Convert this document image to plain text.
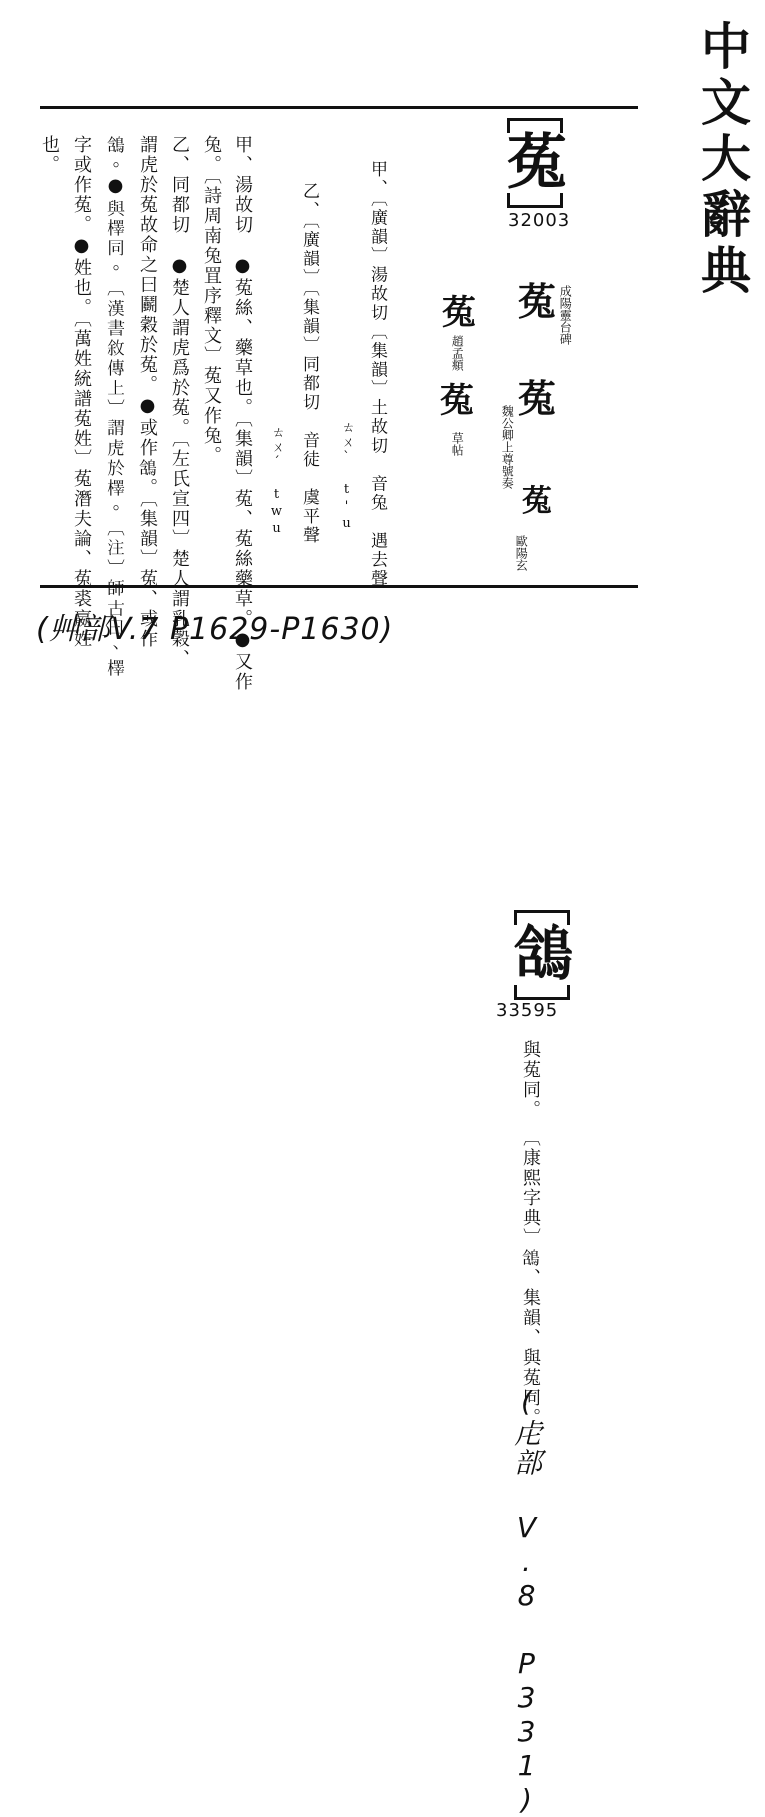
中文大辭典
菟
32003
菟 成陽靈台碑
菟
魏公卿上尊號奏
菟
歐陽玄
菟
趙孟頫
菟
草帖
甲、〔廣韻〕湯故切〔集韻〕土故切　音兔　遇去聲
ㄊㄨˋ　t'u
乙、〔廣韻〕〔集韻〕同都切　音徒　虞平聲
ㄊㄨˊ　twu
甲、湯故切　●菟絲、藥草也。〔集韻〕菟、菟絲藥草。●又作
兔。〔詩周南兔罝序釋文〕菟又作兔。
乙、同都切　●楚人謂虎爲於菟。〔左氏宣四〕楚人謂乳穀、
謂虎於菟故命之曰鬬穀於菟。●或作𪁟。〔集韻〕菟、或作
𪁟。●與檡同。〔漢書敘傳上〕謂虎於檡。〔注〕師古曰、檡
字或作菟。●姓也。〔萬姓統譜菟姓〕菟潛夫論、菟裘嬴姓
也。
(艸部V.7 P1629-P1630)
𪁟
33595
與菟同。
〔康熙字典〕𪁟、集韻、與菟同。
(虍部 V.8 P331)
